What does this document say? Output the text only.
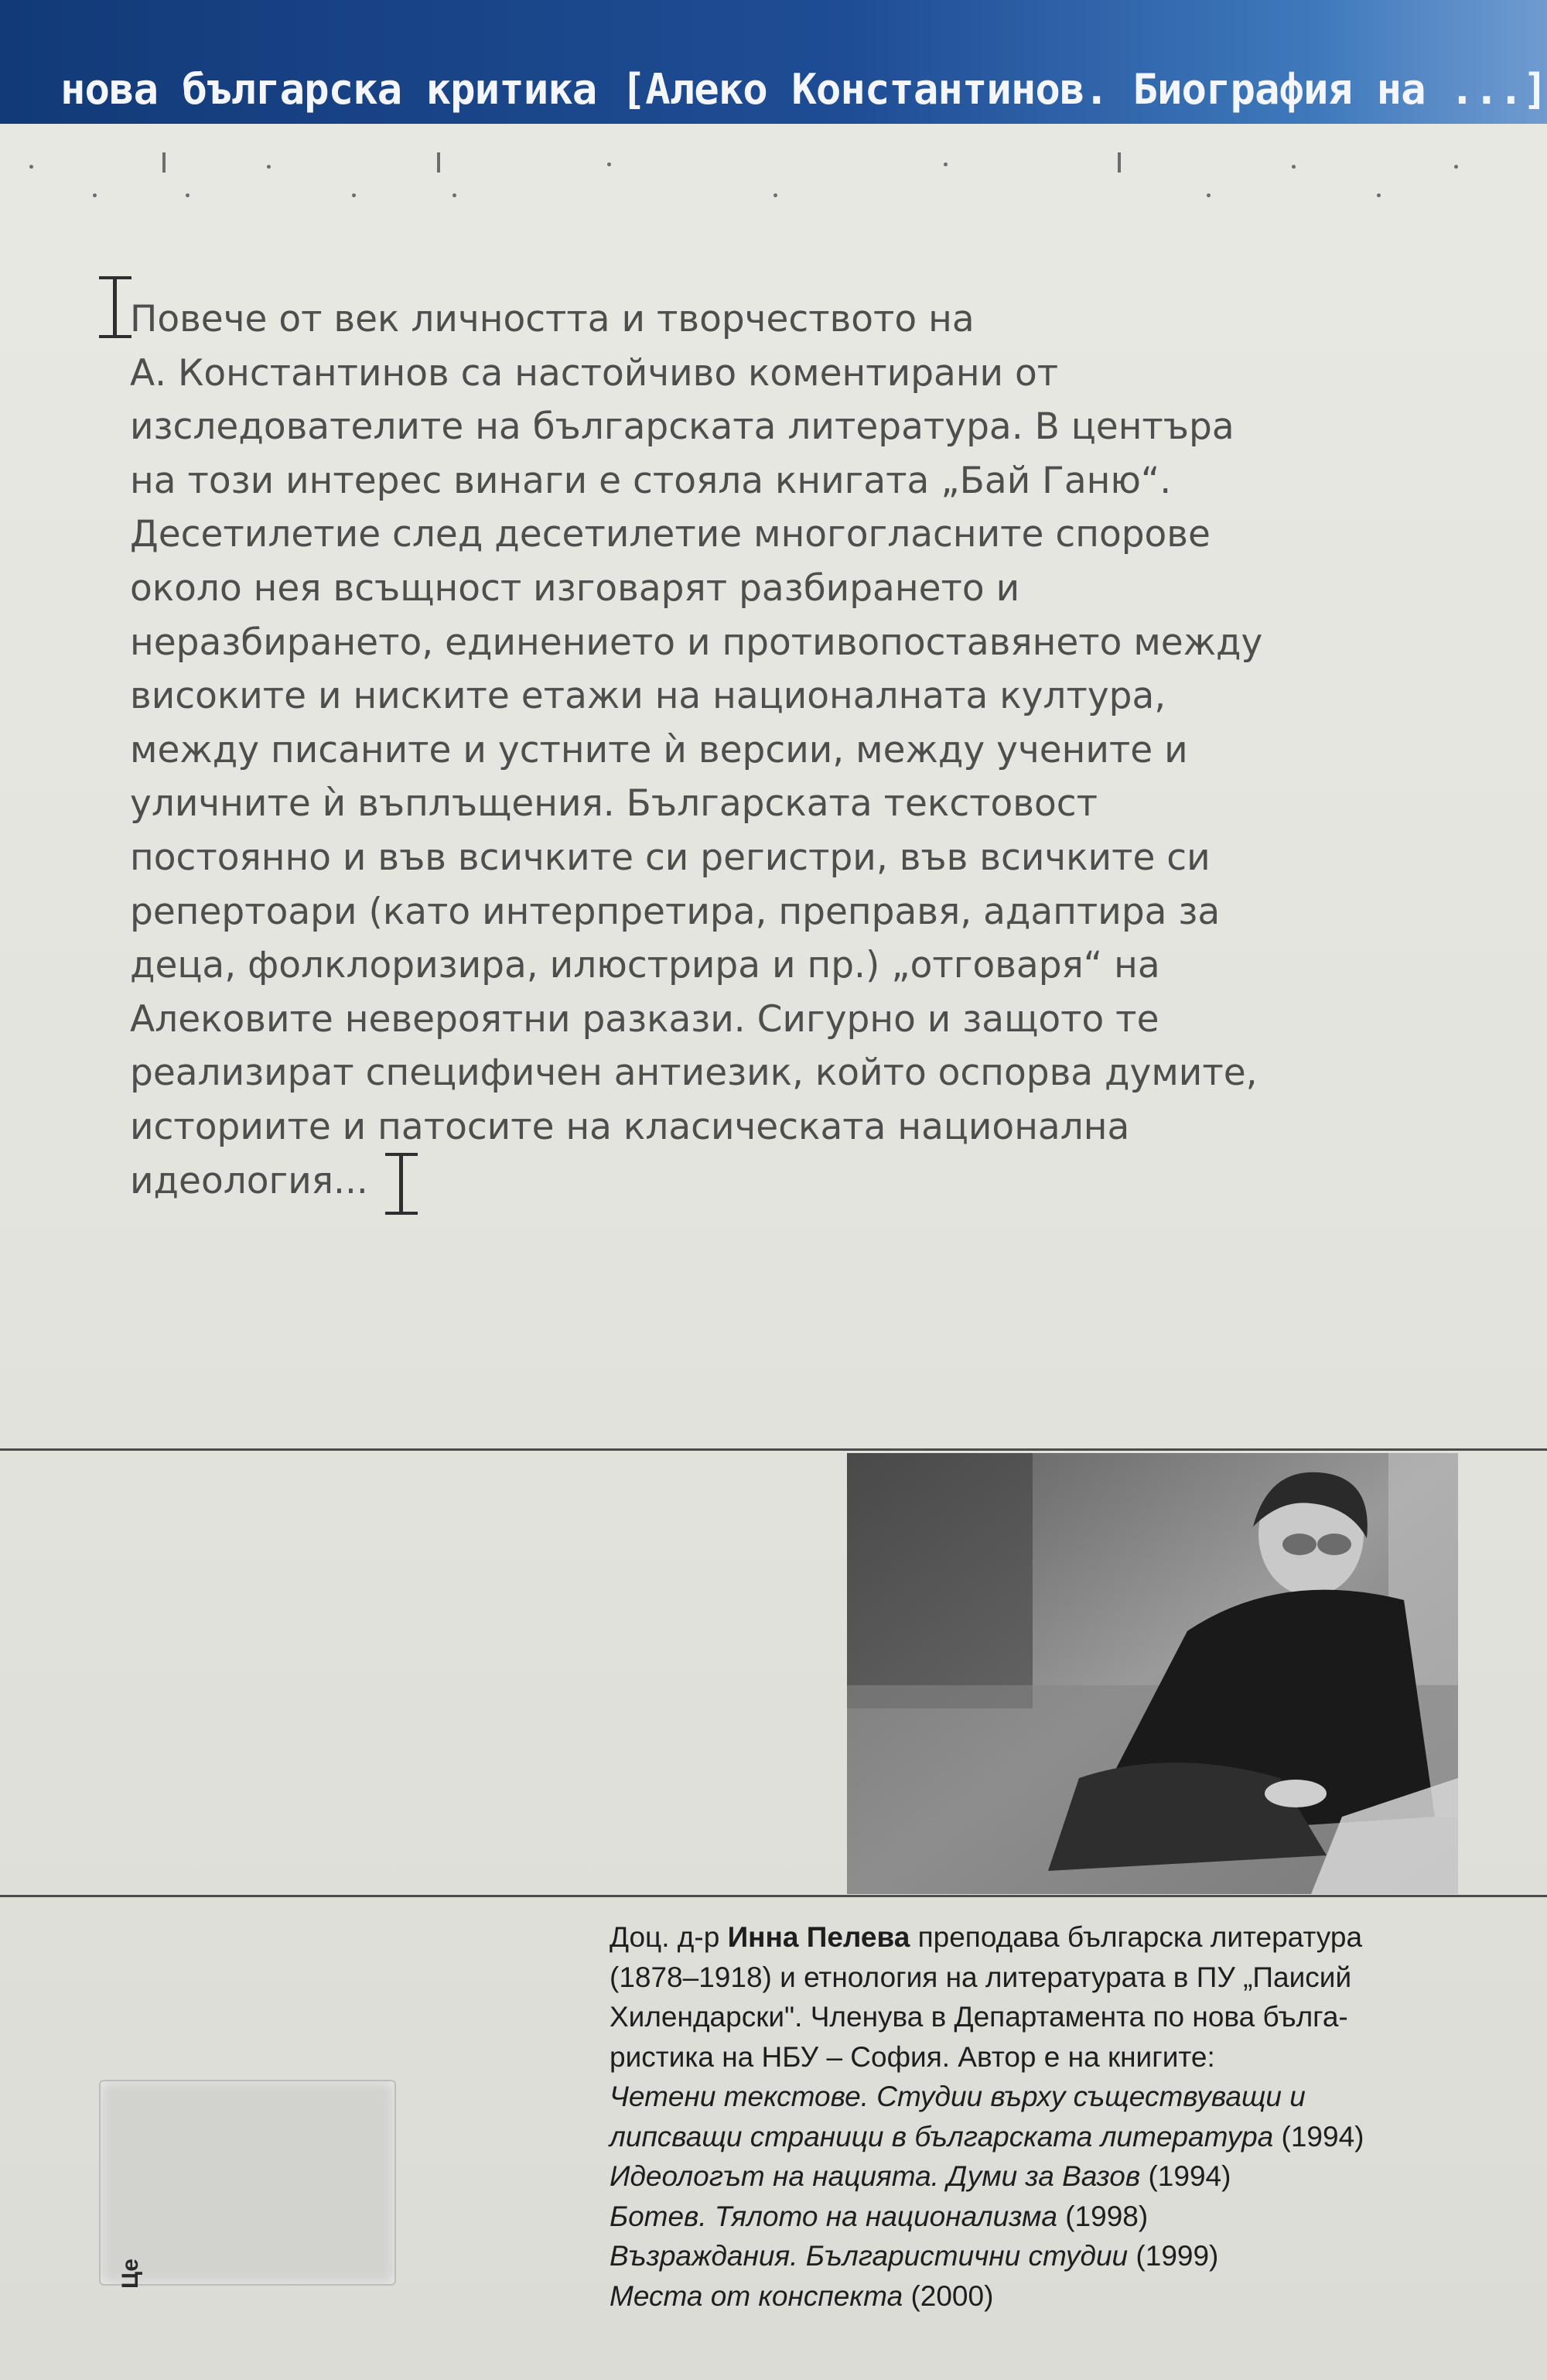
нова българска критика [Алеко Константинов. Биография на ...]
Повече от век личността и творчеството на
А. Константинов са настойчиво коментирани от
изследователите на българската литература. В центъра
на този интерес винаги е стояла книгата „Бай Ганю“.
Десетилетие след десетилетие многогласните спорове
около нея всъщност изговарят разбирането и
неразбирането, единението и противопоставянето между
високите и ниските етажи на националната култура,
между писаните и устните ѝ версии, между учените и
уличните ѝ въплъщения. Българската текстовост
постоянно и във всичките си регистри, във всичките си
репертоари (като интерпретира, преправя, адаптира за
деца, фолклоризира, илюстрира и пр.) „отговаря“ на
Алековите невероятни разкази. Сигурно и защото те
реализират специфичен антиезик, който оспорва думите,
историите и патосите на класическата национална
идеология...
Доц. д-р Инна Пелева преподава българска литература
(1878–1918) и етнология на литературата в ПУ „Паисий
Хилендарски". Членува в Департамента по нова бълга-
ристика на НБУ – София. Автор е на книгите:
Четени текстове. Студии върху съществуващи и
липсващи страници в българската литература (1994)
Идеологът на нацията. Думи за Вазов (1994)
Ботев. Тялото на национализма (1998)
Възраждания. Българистични студии (1999)
Места от конспекта (2000)
Це
